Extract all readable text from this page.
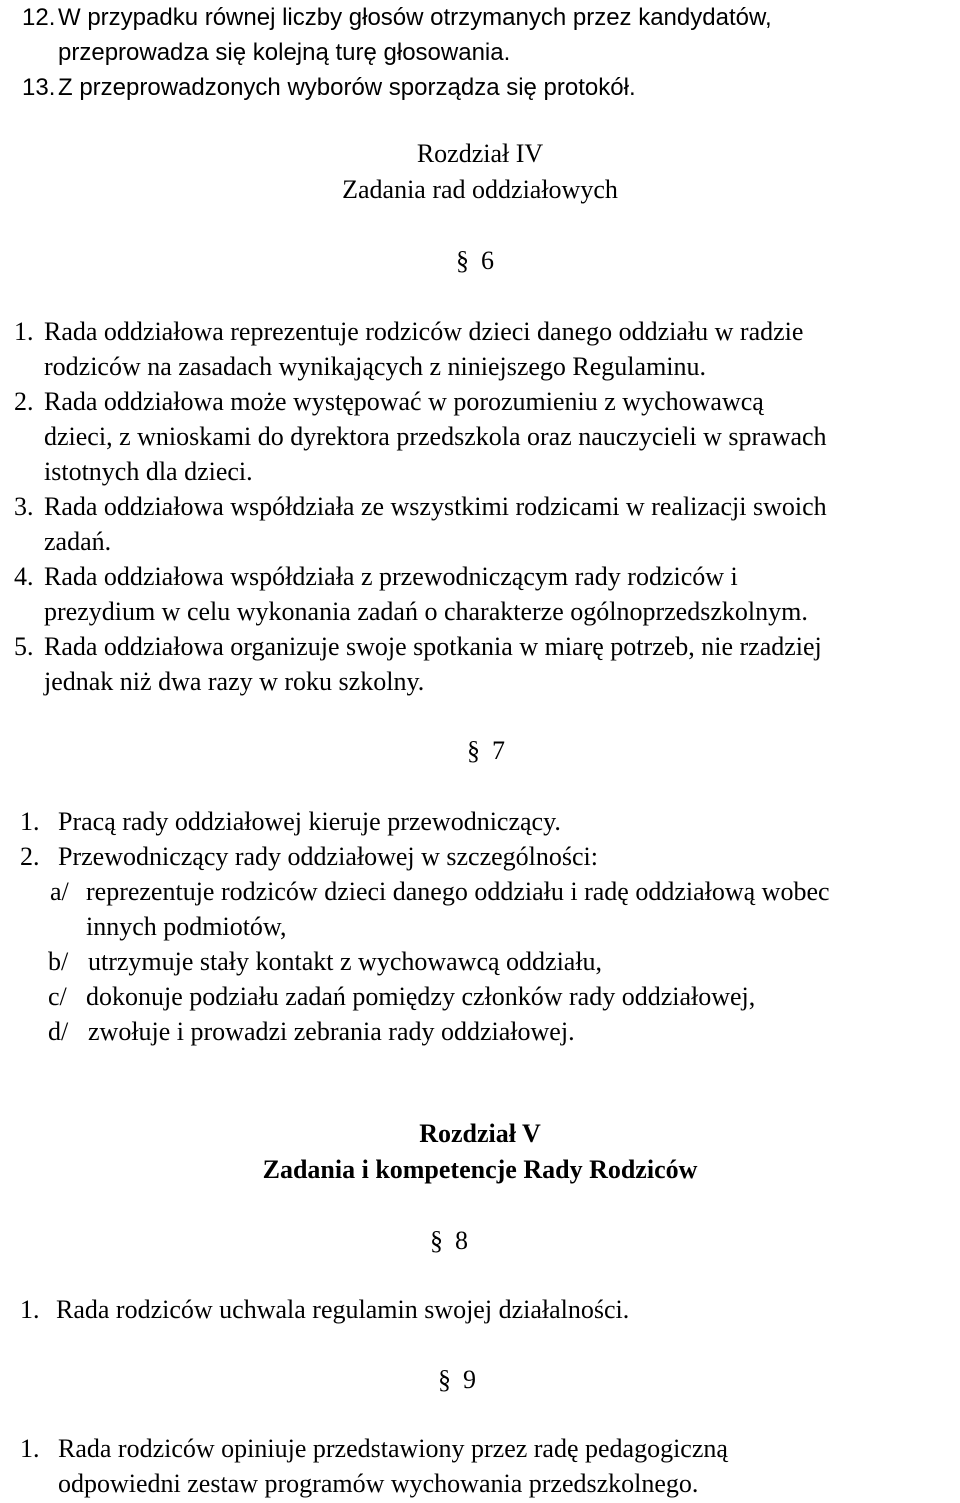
12. W przypadku równej liczby głosów otrzymanych przez kandydatów,
przeprowadza się kolejną turę głosowania.
13. Z przeprowadzonych wyborów sporządza się protokół.
Rozdział IV
Zadania rad oddziałowych
§ 6
1. Rada oddziałowa reprezentuje rodziców dzieci danego oddziału w radzie
rodziców na zasadach wynikających z niniejszego Regulaminu.
2. Rada oddziałowa może występować w porozumieniu z wychowawcą
dzieci, z wnioskami do dyrektora przedszkola oraz nauczycieli w sprawach
istotnych dla dzieci.
3. Rada oddziałowa współdziała ze wszystkimi rodzicami w realizacji swoich
zadań.
4. Rada oddziałowa współdziała z przewodniczącym rady rodziców i
prezydium w celu wykonania zadań o charakterze ogólnoprzedszkolnym.
5. Rada oddziałowa organizuje swoje spotkania w miarę potrzeb, nie rzadziej
jednak niż dwa razy w roku szkolny.
§ 7
1. Pracą rady oddziałowej kieruje przewodniczący.
2. Przewodniczący rady oddziałowej w szczególności:
a/ reprezentuje rodziców dzieci danego oddziału i radę oddziałową wobec
innych podmiotów,
b/ utrzymuje stały kontakt z wychowawcą oddziału,
c/ dokonuje podziału zadań pomiędzy członków rady oddziałowej,
d/ zwołuje i prowadzi zebrania rady oddziałowej.
Rozdział V
Zadania i kompetencje Rady Rodziców
§ 8
1. Rada rodziców uchwala regulamin swojej działalności.
§ 9
1. Rada rodziców opiniuje przedstawiony przez radę pedagogiczną
odpowiedni zestaw programów wychowania przedszkolnego.
